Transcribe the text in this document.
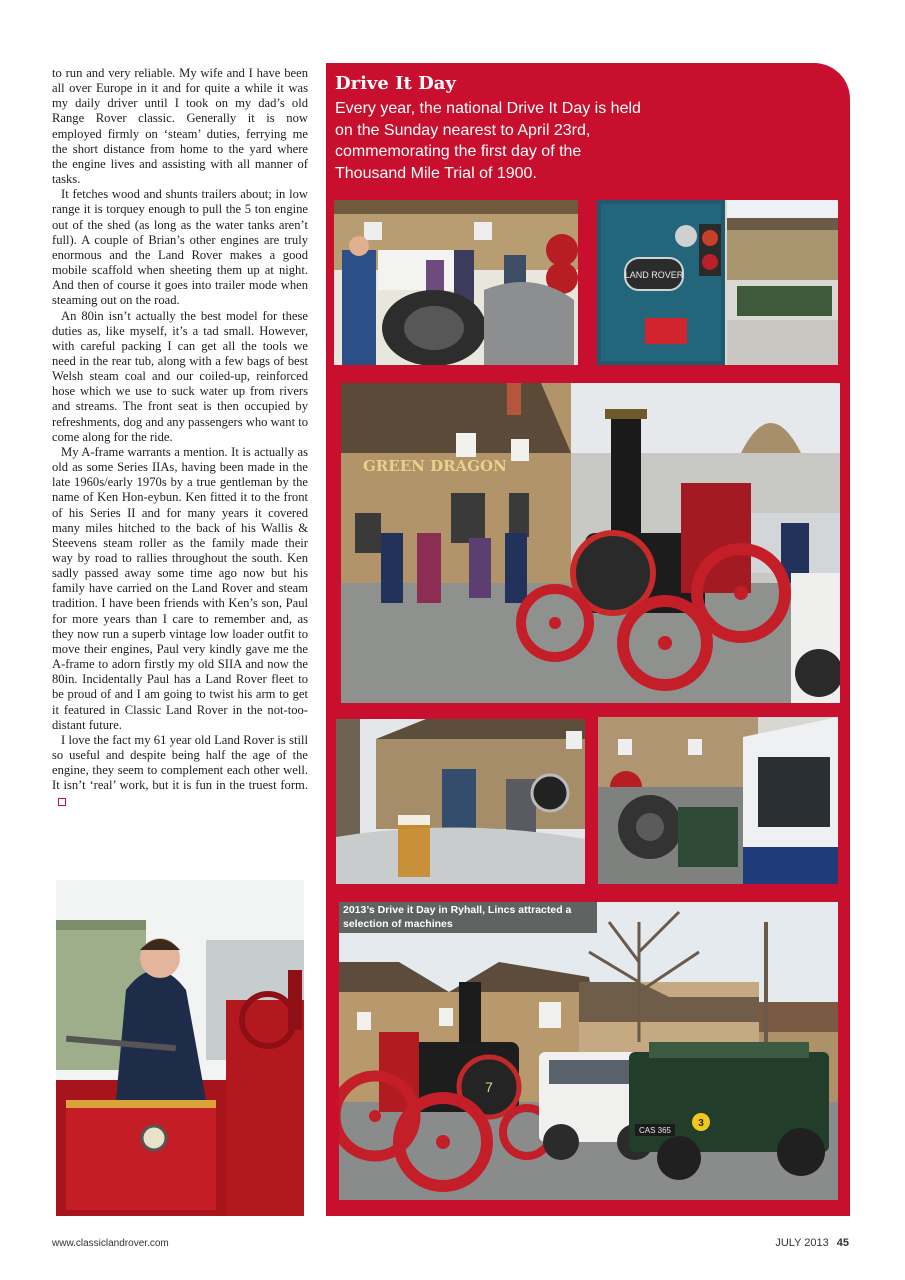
to run and very reliable. My wife and I have been all over Europe in it and for quite a while it was my daily driver until I took on my dad’s old Range Rover classic. Generally it is now employed firmly on ‘steam’ duties, ferrying me the short distance from home to the yard where the engine lives and assisting with all manner of tasks.

It fetches wood and shunts trailers about; in low range it is torquey enough to pull the 5 ton engine out of the shed (as long as the water tanks aren’t full). A couple of Brian’s other engines are truly enormous and the Land Rover makes a good mobile scaffold when sheeting them up at night. And then of course it goes into trailer mode when steaming out on the road.

An 80in isn’t actually the best model for these duties as, like myself, it’s a tad small. However, with careful packing I can get all the tools we need in the rear tub, along with a few bags of best Welsh steam coal and our coiled-up, reinforced hose which we use to suck water up from rivers and streams. The front seat is then occupied by refreshments, dog and any passengers who want to come along for the ride.

My A-frame warrants a mention. It is actually as old as some Series IIAs, having been made in the late 1960s/early 1970s by a true gentleman by the name of Ken Hon-eybun. Ken fitted it to the front of his Series II and for many years it covered many miles hitched to the back of his Wallis & Steevens steam roller as the family made their way by road to rallies throughout the south. Ken sadly passed away some time ago now but his family have carried on the Land Rover and steam tradition. I have been friends with Ken’s son, Paul for more years than I care to remember and, as they now run a superb vintage low loader outfit to move their engines, Paul very kindly gave me the A-frame to adorn firstly my old SIIA and now the 80in. Incidentally Paul has a Land Rover fleet to be proud of and I am going to twist his arm to get it featured in Classic Land Rover in the not-too-distant future.

I love the fact my 61 year old Land Rover is still so useful and despite being half the age of the engine, they seem to complement each other well. It isn’t ‘real’ work, but it is fun in the truest form.

Drive It Day
Every year, the national Drive It Day is held on the Sunday nearest to April 23rd, commemorating the first day of the Thousand Mile Trial of 1900.
LAND ROVER
GREEN DRAGON
7
CAS 365
3
2013’s Drive it Day in Ryhall, Lincs attracted a selection of machines
www.classiclandrover.com	JULY 2013 45
